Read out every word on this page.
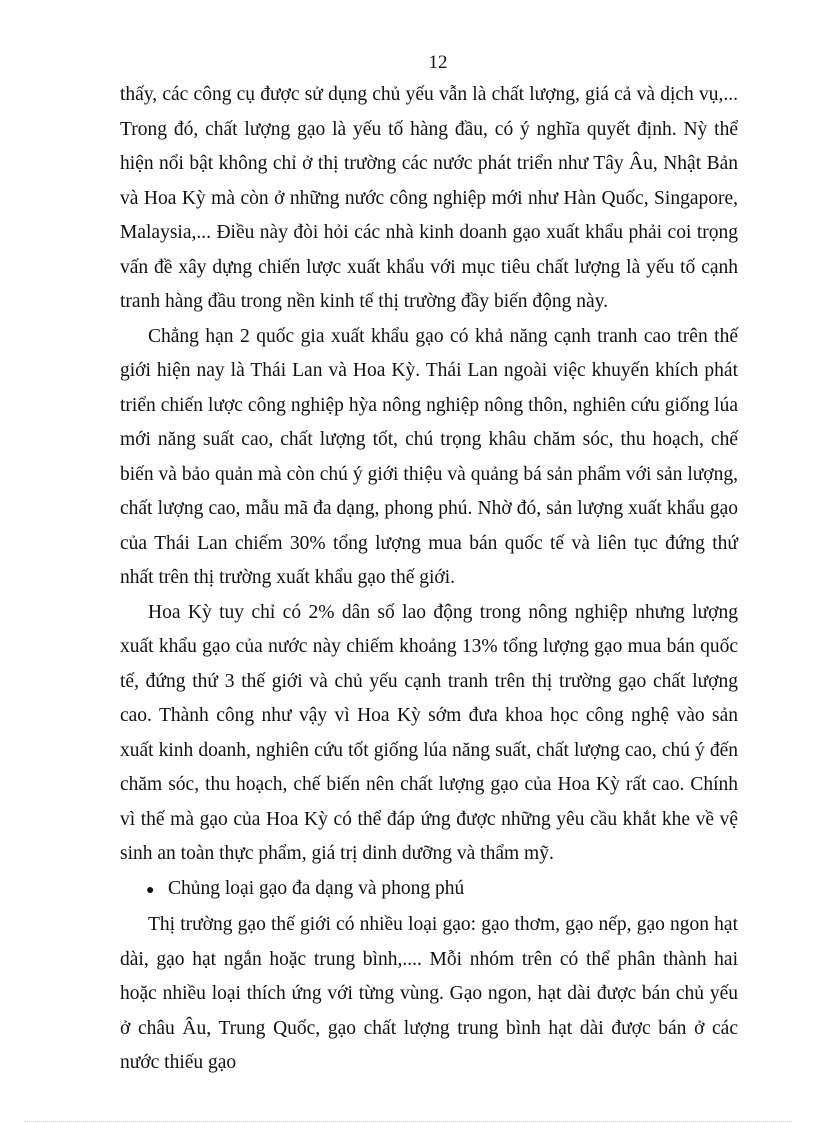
12

thấy, các công cụ được sử dụng chủ yếu vẫn là chất lượng, giá cả và dịch vụ,... Trong đó, chất lượng gạo là yếu tố hàng đầu, có ý nghĩa quyết định. Nỳ thể hiện nổi bật không chỉ ở thị trường các nước phát triển như Tây Âu, Nhật Bản và Hoa Kỳ mà còn ở những nước công nghiệp mới như Hàn Quốc, Singapore, Malaysia,... Điều này đòi hỏi các nhà kinh doanh gạo xuất khẩu phải coi trọng vấn đề xây dựng chiến lược xuất khẩu với mục tiêu chất lượng là yếu tố cạnh tranh hàng đầu trong nền kinh tế thị trường đầy biến động này.

Chẳng hạn 2 quốc gia xuất khẩu gạo có khả năng cạnh tranh cao trên thế giới hiện nay là Thái Lan và Hoa Kỳ. Thái Lan ngoài việc khuyến khích phát triển chiến lược công nghiệp hỳa nông nghiệp nông thôn, nghiên cứu giống lúa mới năng suất cao, chất lượng tốt, chú trọng khâu chăm sóc, thu hoạch, chế biến và bảo quản mà còn chú ý giới thiệu và quảng bá sản phẩm với sản lượng, chất lượng cao, mẫu mã đa dạng, phong phú. Nhờ đó, sản lượng xuất khẩu gạo của Thái Lan chiếm 30% tổng lượng mua bán quốc tế và liên tục đứng thứ nhất trên thị trường xuất khẩu gạo thế giới.

Hoa Kỳ tuy chỉ có 2% dân số lao động trong nông nghiệp nhưng lượng xuất khẩu gạo của nước này chiếm khoảng 13% tổng lượng gạo mua bán quốc tế, đứng thứ 3 thế giới và chủ yếu cạnh tranh trên thị trường gạo chất lượng cao. Thành công như vậy vì Hoa Kỳ sớm đưa khoa học công nghệ vào sản xuất kinh doanh, nghiên cứu tốt giống lúa năng suất, chất lượng cao, chú ý đến chăm sóc, thu hoạch, chế biến nên chất lượng gạo của Hoa Kỳ rất cao. Chính vì thế mà gạo của Hoa Kỳ có thể đáp ứng được những yêu cầu khắt khe về vệ sinh an toàn thực phẩm, giá trị dinh dưỡng và thẩm mỹ.

● Chủng loại gạo đa dạng và phong phú

Thị trường gạo thế giới có nhiều loại gạo: gạo thơm, gạo nếp, gạo ngon hạt dài, gạo hạt ngắn hoặc trung bình,.... Mỗi nhóm trên có thể phân thành hai hoặc nhiều loại thích ứng với từng vùng. Gạo ngon, hạt dài được bán chủ yếu ở châu Âu, Trung Quốc, gạo chất lượng trung bình hạt dài được bán ở các nước thiếu gạo
